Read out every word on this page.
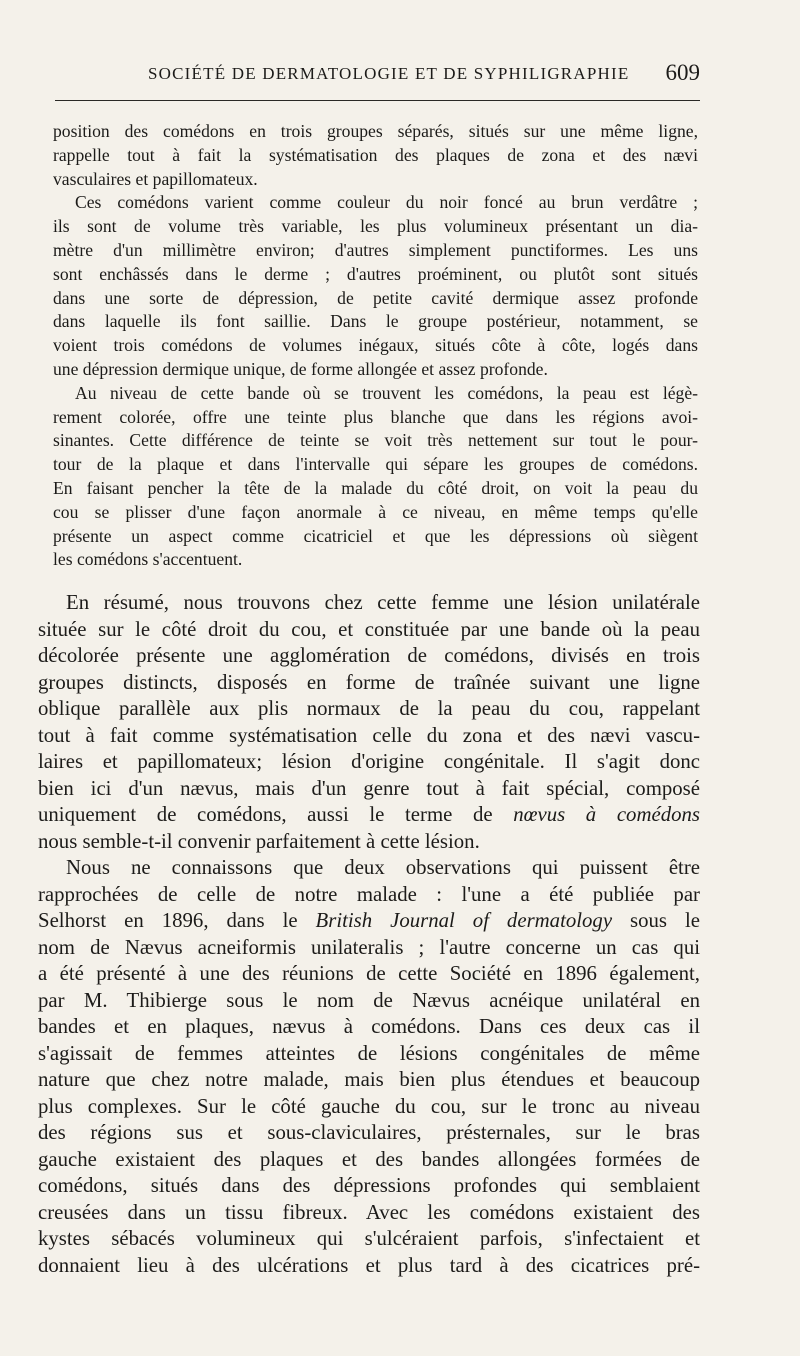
SOCIÉTÉ DE DERMATOLOGIE ET DE SYPHILIGRAPHIE 609
position des comédons en trois groupes séparés, situés sur une même ligne,
rappelle tout à fait la systématisation des plaques de zona et des nævi
vasculaires et papillomateux.
Ces comédons varient comme couleur du noir foncé au brun verdâtre ;
ils sont de volume très variable, les plus volumineux présentant un dia-
mètre d'un millimètre environ; d'autres simplement punctiformes. Les uns
sont enchâssés dans le derme ; d'autres proéminent, ou plutôt sont situés
dans une sorte de dépression, de petite cavité dermique assez profonde
dans laquelle ils font saillie. Dans le groupe postérieur, notamment, se
voient trois comédons de volumes inégaux, situés côte à côte, logés dans
une dépression dermique unique, de forme allongée et assez profonde.
Au niveau de cette bande où se trouvent les comédons, la peau est légè-
rement colorée, offre une teinte plus blanche que dans les régions avoi-
sinantes. Cette différence de teinte se voit très nettement sur tout le pour-
tour de la plaque et dans l'intervalle qui sépare les groupes de comédons.
En faisant pencher la tête de la malade du côté droit, on voit la peau du
cou se plisser d'une façon anormale à ce niveau, en même temps qu'elle
présente un aspect comme cicatriciel et que les dépressions où siègent
les comédons s'accentuent.
En résumé, nous trouvons chez cette femme une lésion unilatérale
située sur le côté droit du cou, et constituée par une bande où la peau
décolorée présente une agglomération de comédons, divisés en trois
groupes distincts, disposés en forme de traînée suivant une ligne
oblique parallèle aux plis normaux de la peau du cou, rappelant
tout à fait comme systématisation celle du zona et des nævi vascu-
laires et papillomateux; lésion d'origine congénitale. Il s'agit donc
bien ici d'un nævus, mais d'un genre tout à fait spécial, composé
uniquement de comédons, aussi le terme de nœvus à comédons
nous semble-t-il convenir parfaitement à cette lésion.
Nous ne connaissons que deux observations qui puissent être
rapprochées de celle de notre malade : l'une a été publiée par
Selhorst en 1896, dans le British Journal of dermatology sous le
nom de Nævus acneiformis unilateralis ; l'autre concerne un cas qui
a été présenté à une des réunions de cette Société en 1896 également,
par M. Thibierge sous le nom de Nævus acnéique unilatéral en
bandes et en plaques, nævus à comédons. Dans ces deux cas il
s'agissait de femmes atteintes de lésions congénitales de même
nature que chez notre malade, mais bien plus étendues et beaucoup
plus complexes. Sur le côté gauche du cou, sur le tronc au niveau
des régions sus et sous-claviculaires, présternales, sur le bras
gauche existaient des plaques et des bandes allongées formées de
comédons, situés dans des dépressions profondes qui semblaient
creusées dans un tissu fibreux. Avec les comédons existaient des
kystes sébacés volumineux qui s'ulcéraient parfois, s'infectaient et
donnaient lieu à des ulcérations et plus tard à des cicatrices pré-
